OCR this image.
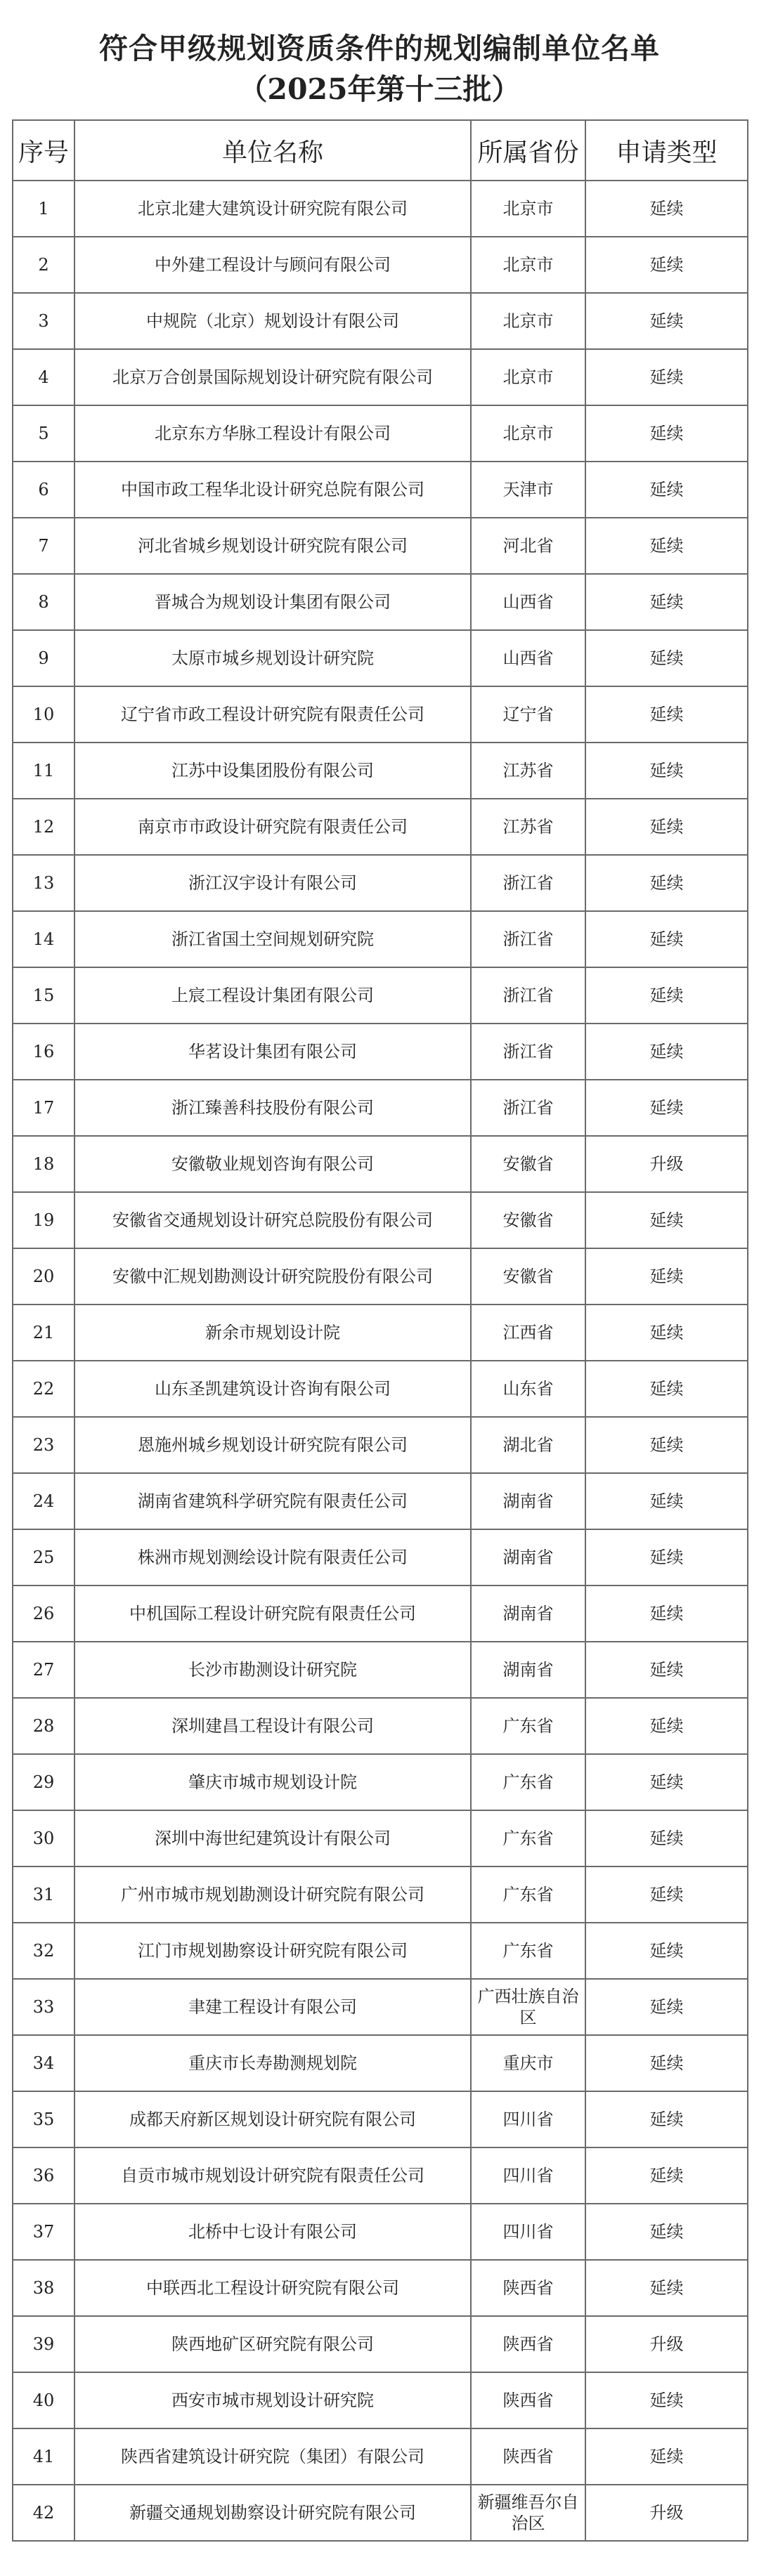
符合甲级规划资质条件的规划编制单位名单
（2025年第十三批）
序号	单位名称	所属省份	申请类型
1	北京北建大建筑设计研究院有限公司	北京市	延续
2	中外建工程设计与顾问有限公司	北京市	延续
3	中规院（北京）规划设计有限公司	北京市	延续
4	北京万合创景国际规划设计研究院有限公司	北京市	延续
5	北京东方华脉工程设计有限公司	北京市	延续
6	中国市政工程华北设计研究总院有限公司	天津市	延续
7	河北省城乡规划设计研究院有限公司	河北省	延续
8	晋城合为规划设计集团有限公司	山西省	延续
9	太原市城乡规划设计研究院	山西省	延续
10	辽宁省市政工程设计研究院有限责任公司	辽宁省	延续
11	江苏中设集团股份有限公司	江苏省	延续
12	南京市市政设计研究院有限责任公司	江苏省	延续
13	浙江汉宇设计有限公司	浙江省	延续
14	浙江省国土空间规划研究院	浙江省	延续
15	上宸工程设计集团有限公司	浙江省	延续
16	华茗设计集团有限公司	浙江省	延续
17	浙江臻善科技股份有限公司	浙江省	延续
18	安徽敬业规划咨询有限公司	安徽省	升级
19	安徽省交通规划设计研究总院股份有限公司	安徽省	延续
20	安徽中汇规划勘测设计研究院股份有限公司	安徽省	延续
21	新余市规划设计院	江西省	延续
22	山东圣凯建筑设计咨询有限公司	山东省	延续
23	恩施州城乡规划设计研究院有限公司	湖北省	延续
24	湖南省建筑科学研究院有限责任公司	湖南省	延续
25	株洲市规划测绘设计院有限责任公司	湖南省	延续
26	中机国际工程设计研究院有限责任公司	湖南省	延续
27	长沙市勘测设计研究院	湖南省	延续
28	深圳建昌工程设计有限公司	广东省	延续
29	肇庆市城市规划设计院	广东省	延续
30	深圳中海世纪建筑设计有限公司	广东省	延续
31	广州市城市规划勘测设计研究院有限公司	广东省	延续
32	江门市规划勘察设计研究院有限公司	广东省	延续
33	聿建工程设计有限公司	广西壮族自治区	延续
34	重庆市长寿勘测规划院	重庆市	延续
35	成都天府新区规划设计研究院有限公司	四川省	延续
36	自贡市城市规划设计研究院有限责任公司	四川省	延续
37	北桥中七设计有限公司	四川省	延续
38	中联西北工程设计研究院有限公司	陕西省	延续
39	陕西地矿区研究院有限公司	陕西省	升级
40	西安市城市规划设计研究院	陕西省	延续
41	陕西省建筑设计研究院（集团）有限公司	陕西省	延续
42	新疆交通规划勘察设计研究院有限公司	新疆维吾尔自治区	升级
